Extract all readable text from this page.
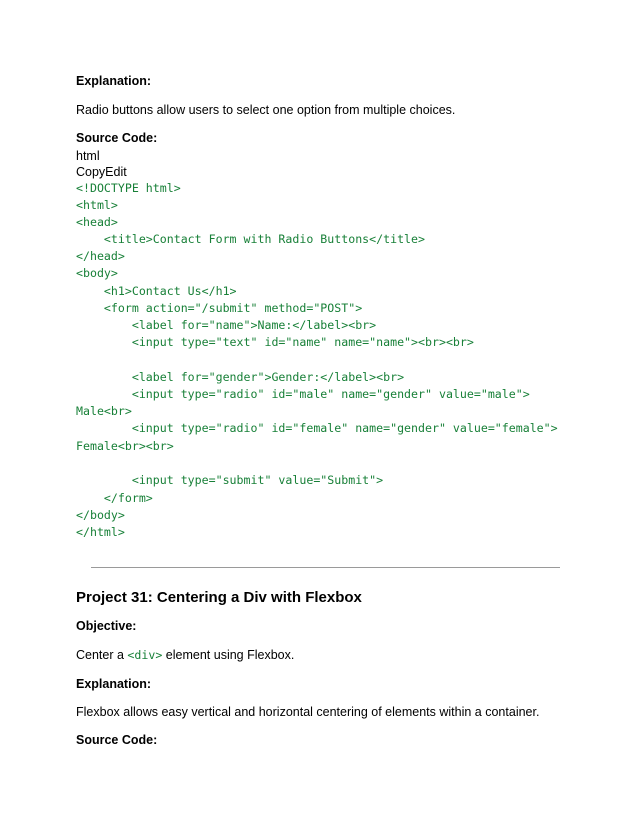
Explanation:
Radio buttons allow users to select one option from multiple choices.
Source Code:
html
CopyEdit
<!DOCTYPE html>
<html>
<head>
<title>Contact Form with Radio Buttons</title>
</head>
<body>
<h1>Contact Us</h1>
<form action="/submit" method="POST">
<label for="name">Name:</label><br>
<input type="text" id="name" name="name"><br><br>
<label for="gender">Gender:</label><br>
<input type="radio" id="male" name="gender" value="male">
Male<br>
<input type="radio" id="female" name="gender" value="female">
Female<br><br>
<input type="submit" value="Submit">
</form>
</body>
</html>
Project 31: Centering a Div with Flexbox
Objective:
Center a <div> element using Flexbox.
Explanation:
Flexbox allows easy vertical and horizontal centering of elements within a container.
Source Code:
